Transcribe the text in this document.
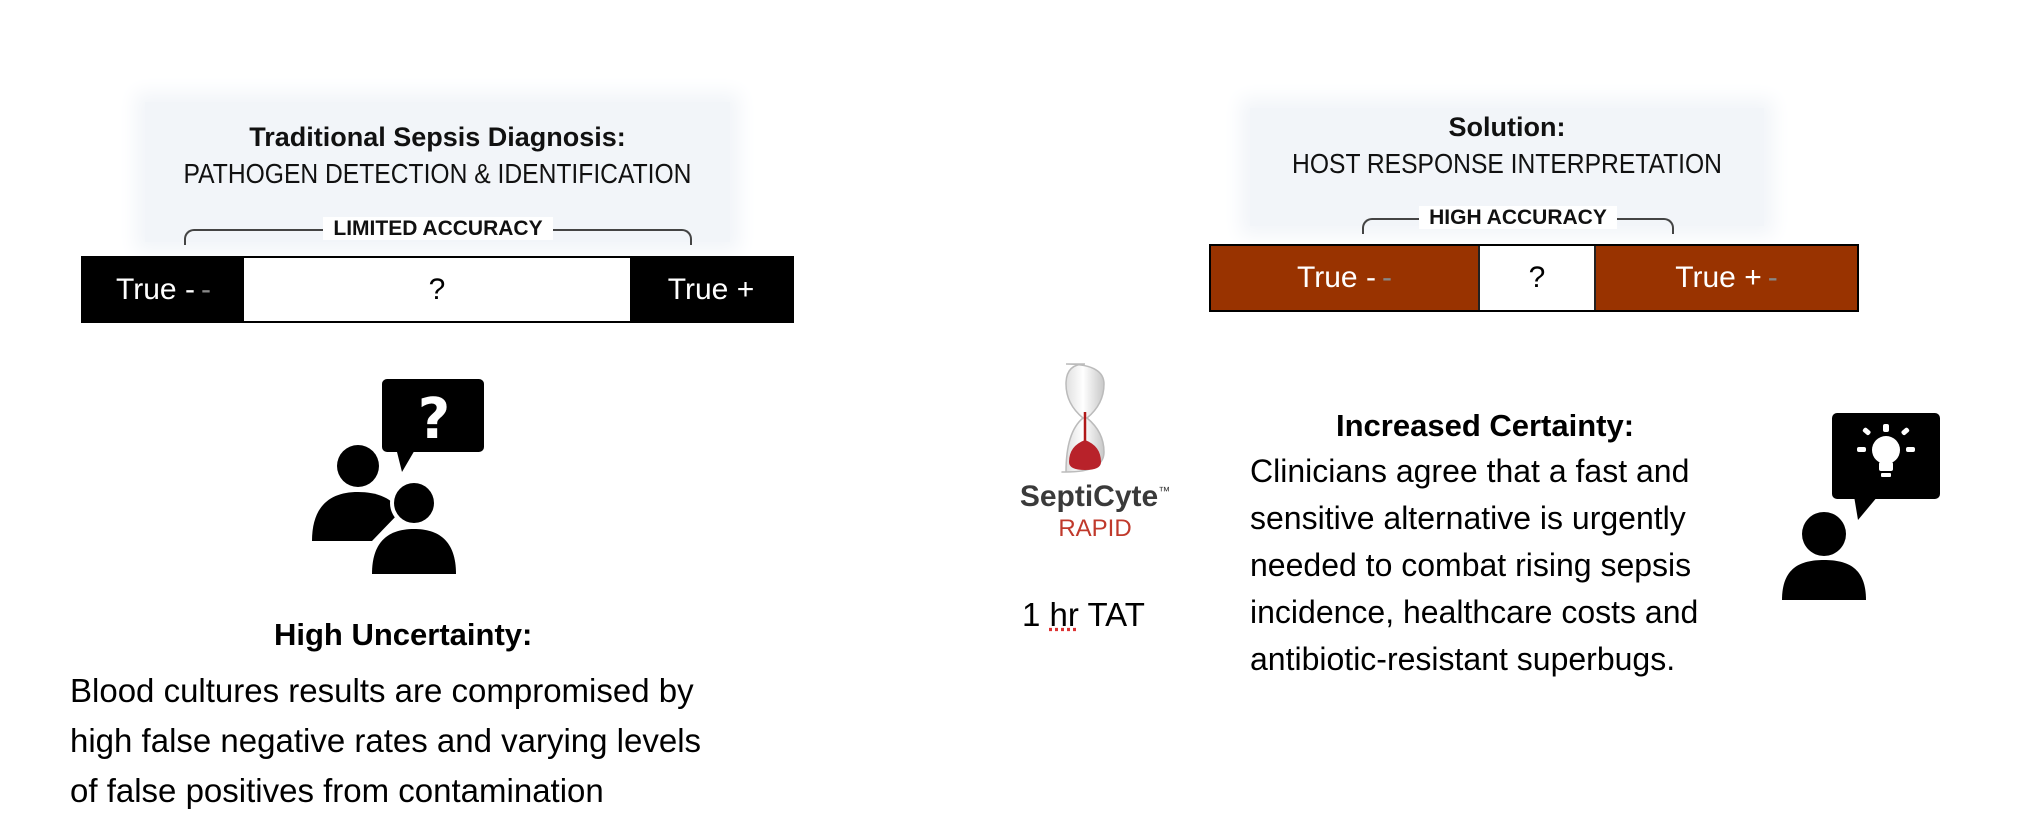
Traditional Sepsis Diagnosis:
PATHOGEN DETECTION & IDENTIFICATION
LIMITED ACCURACY
True - -	?	True +
?
High Uncertainty:
Blood cultures results are compromised by
high false negative rates and varying levels
of false positives from contamination
Solution:
HOST RESPONSE INTERPRETATION
HIGH ACCURACY
True - -	?	True + -
SeptiCyte™
RAPID
1 hr TAT
Increased Certainty:
Clinicians agree that a fast and
sensitive alternative is urgently
needed to combat rising sepsis
incidence, healthcare costs and
antibiotic-resistant superbugs.
